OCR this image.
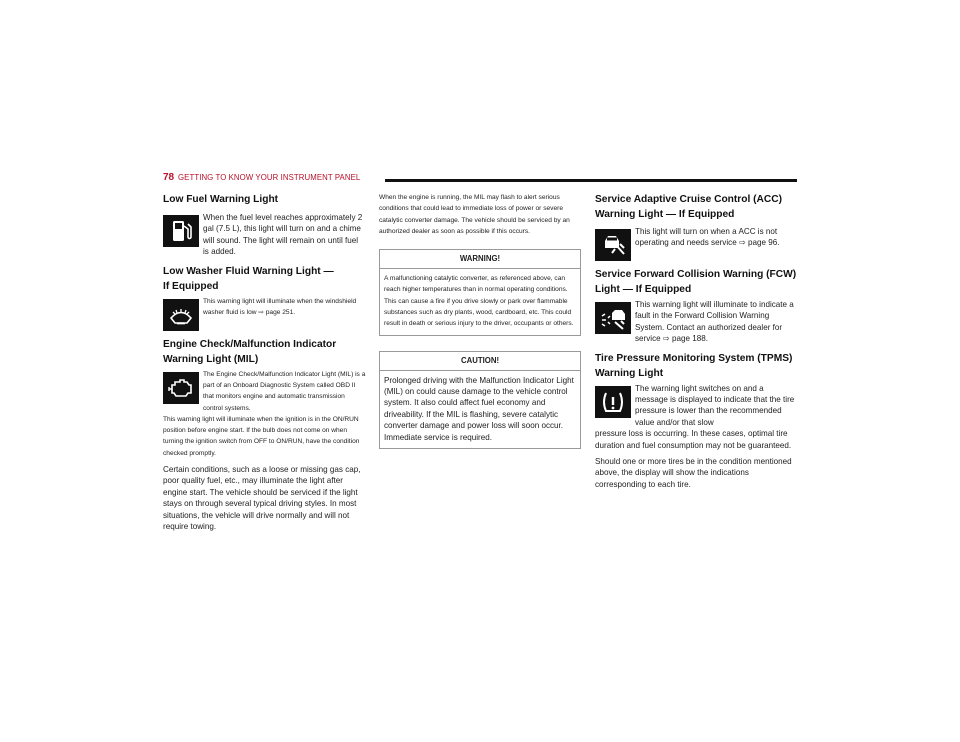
78 GETTING TO KNOW YOUR INSTRUMENT PANEL
Low Fuel Warning Light

When the fuel level reaches approximately 2 gal (7.5 L), this light will turn on and a chime will sound. The light will remain on until fuel is added.

Low Washer Fluid Warning Light —
If Equipped

This warning light will illuminate when the windshield washer fluid is low ⇨ page 251.

Engine Check/Malfunction Indicator
Warning Light (MIL)

The Engine Check/Malfunction Indicator Light (MIL) is a part of an Onboard Diagnostic System called OBD II that monitors engine and automatic transmission control systems.

This warning light will illuminate when the ignition is in the ON/RUN position before engine start. If the bulb does not come on when turning the ignition switch from OFF to ON/RUN, have the condition checked promptly.

Certain conditions, such as a loose or missing gas cap, poor quality fuel, etc., may illuminate the light after engine start. The vehicle should be serviced if the light stays on through several typical driving styles. In most situations, the vehicle will drive normally and will not require towing.

When the engine is running, the MIL may flash to alert serious conditions that could lead to immediate loss of power or severe catalytic converter damage. The vehicle should be serviced by an authorized dealer as soon as possible if this occurs.

WARNING!

A malfunctioning catalytic converter, as referenced above, can reach higher temperatures than in normal operating conditions. This can cause a fire if you drive slowly or park over flammable substances such as dry plants, wood, cardboard, etc. This could result in death or serious injury to the driver, occupants or others.

CAUTION!

Prolonged driving with the Malfunction Indicator Light (MIL) on could cause damage to the vehicle control system. It also could affect fuel economy and driveability. If the MIL is flashing, severe catalytic converter damage and power loss will soon occur. Immediate service is required.

Service Adaptive Cruise Control (ACC)
Warning Light — If Equipped

This light will turn on when a ACC is not operating and needs service ⇨ page 96.

Service Forward Collision Warning (FCW)
Light — If Equipped

This warning light will illuminate to indicate a fault in the Forward Collision Warning System. Contact an authorized dealer for service ⇨ page 188.

Tire Pressure Monitoring System (TPMS)
Warning Light

The warning light switches on and a message is displayed to indicate that the tire pressure is lower than the recommended value and/or that slow

pressure loss is occurring. In these cases, optimal tire duration and fuel consumption may not be guaranteed.

Should one or more tires be in the condition mentioned above, the display will show the indications corresponding to each tire.
